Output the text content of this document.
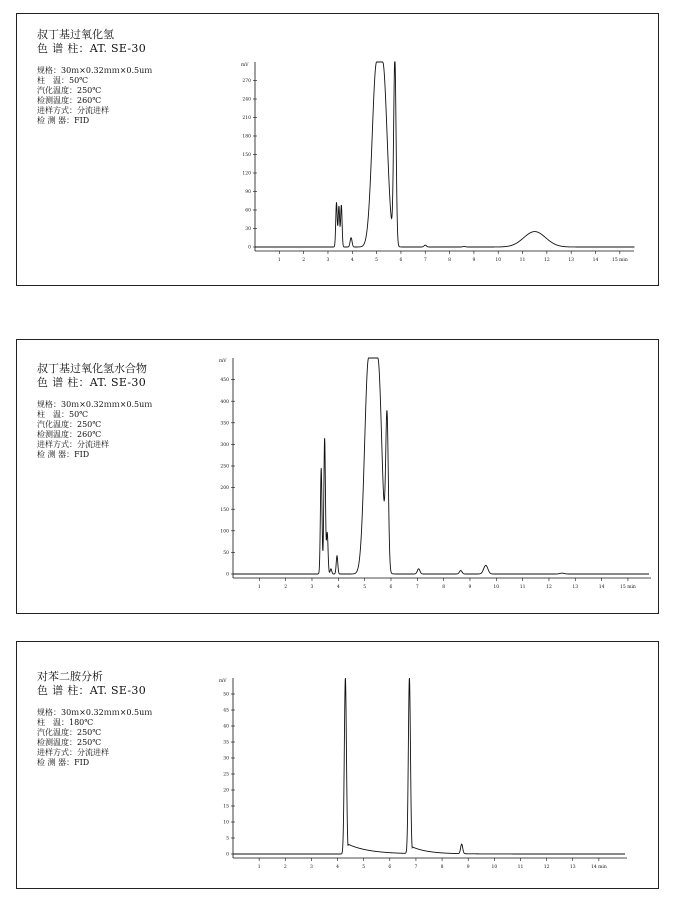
叔丁基过氧化氢
色 谱 柱：AT. SE-30
规格：30ｍ×0.32ｍｍ×0.5uｍ
柱　温：50℃
汽化温度：250℃
检测温度：260℃
进样方式：分流进样
检 测 器：FID
mV
0
30
60
90
120
150
180
210
240
270
1	2	3	4	5	6	7	8	9	10	11	12	13	14	15 min
叔丁基过氧化氢水合物
色 谱 柱：AT. SE-30
规格：30ｍ×0.32ｍｍ×0.5uｍ
柱　温：50℃
汽化温度：250℃
检测温度：260℃
进样方式：分流进样
检 测 器：FID
mV
0
50
100
150
200
250
300
350
400
450
1	2	3	4	5	6	7	8	9	10	11	12	13	14	15 min
对苯二胺分析
色 谱 柱：AT. SE-30
规格：30ｍ×0.32ｍｍ×0.5uｍ
柱　温：180℃
汽化温度：250℃
检测温度：250℃
进样方式：分流进样
检 测 器：FID
mV
0
5
10
15
20
25
30
35
40
45
50
1	2	3	4	5	6	7	8	9	10	11	12	13	14 min
